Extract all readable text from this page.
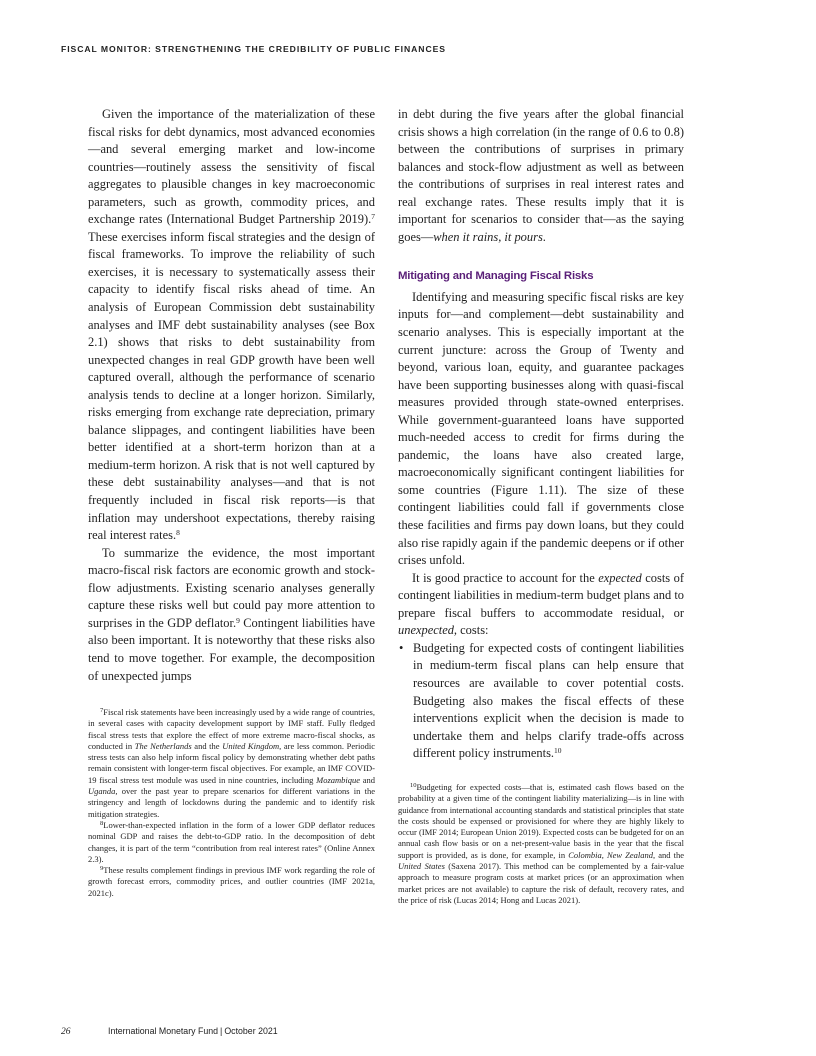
FISCAL MONITOR: STRENGTHENING THE CREDIBILITY OF PUBLIC FINANCES

Given the importance of the materialization of these fiscal risks for debt dynamics, most advanced economies—and several emerging market and low-income countries—routinely assess the sensitivity of fiscal aggregates to plausible changes in key macroeconomic parameters, such as growth, commodity prices, and exchange rates (International Budget Partnership 2019).$^7$ These exercises inform fiscal strategies and the design of fiscal frameworks. To improve the reliability of such exercises, it is necessary to systematically assess their capacity to identify fiscal risks ahead of time. An analysis of European Commission debt sustainability analyses and IMF debt sustainability analyses (see Box 2.1) shows that risks to debt sustainability from unexpected changes in real GDP growth have been well captured overall, although the performance of scenario analysis tends to decline at a longer horizon. Similarly, risks emerging from exchange rate depreciation, primary balance slippages, and contingent liabilities have been better identified at a short-term horizon than at a medium-term horizon. A risk that is not well captured by these debt sustainability analyses—and that is not frequently included in fiscal risk reports—is that inflation may undershoot expectations, thereby raising real interest rates.$^8$

To summarize the evidence, the most important macro-fiscal risk factors are economic growth and stock-flow adjustments. Existing scenario analyses generally capture these risks well but could pay more attention to surprises in the GDP deflator.$^9$ Contingent liabilities have also been important. It is noteworthy that these risks also tend to move together. For example, the decomposition of unexpected jumps

in debt during the five years after the global financial crisis shows a high correlation (in the range of 0.6 to 0.8) between the contributions of surprises in primary balances and stock-flow adjustment as well as between the contributions of surprises in real interest rates and real exchange rates. These results imply that it is important for scenarios to consider that—as the saying goes—when it rains, it pours.

Mitigating and Managing Fiscal Risks

Identifying and measuring specific fiscal risks are key inputs for—and complement—debt sustainability and scenario analyses. This is especially important at the current juncture: across the Group of Twenty and beyond, various loan, equity, and guarantee packages have been supporting businesses along with quasi-fiscal measures provided through state-owned enterprises. While government-guaranteed loans have supported much-needed access to credit for firms during the pandemic, the loans have also created large, macroeconomically significant contingent liabilities for some countries (Figure 1.11). The size of these contingent liabilities could fall if governments close these facilities and firms pay down loans, but they could also rise rapidly again if the pandemic deepens or if other crises unfold.

It is good practice to account for the expected costs of contingent liabilities in medium-term budget plans and to prepare fiscal buffers to accommodate residual, or unexpected, costs:

• Budgeting for expected costs of contingent liabilities in medium-term fiscal plans can help ensure that resources are available to cover potential costs. Budgeting also makes the fiscal effects of these interventions explicit when the decision is made to undertake them and helps clarify trade-offs across different policy instruments.$^{10}$

$^7$Fiscal risk statements have been increasingly used by a wide range of countries, in several cases with capacity development support by IMF staff. Fully fledged fiscal stress tests that explore the effect of more extreme macro-fiscal shocks, as conducted in The Netherlands and the United Kingdom, are less common. Periodic stress tests can also help inform fiscal policy by demonstrating whether debt paths remain consistent with longer-term fiscal objectives. For example, an IMF COVID-19 fiscal stress test module was used in nine countries, including Mozambique and Uganda, over the past year to prepare scenarios for different variations in the stringency and length of lockdowns during the pandemic and to identify risk mitigation strategies.

$^8$Lower-than-expected inflation in the form of a lower GDP deflator reduces nominal GDP and raises the debt-to-GDP ratio. In the decomposition of debt changes, it is part of the term “contribution from real interest rates” (Online Annex 2.3).

$^9$These results complement findings in previous IMF work regarding the role of growth forecast errors, commodity prices, and outlier countries (IMF 2021a, 2021c).

$^{10}$Budgeting for expected costs—that is, estimated cash flows based on the probability at a given time of the contingent liability materializing—is in line with guidance from international accounting standards and statistical principles that state the costs should be expensed or provisioned for where they are highly likely to occur (IMF 2014; European Union 2019). Expected costs can be budgeted for on an annual cash flow basis or on a net-present-value basis in the year that the fiscal support is provided, as is done, for example, in Colombia, New Zealand, and the United States (Saxena 2017). This method can be complemented by a fair-value approach to measure program costs at market prices (or an approximation when market prices are not available) to capture the risk of default, recovery rates, and the price of risk (Lucas 2014; Hong and Lucas 2021).

26	International Monetary Fund | October 2021
